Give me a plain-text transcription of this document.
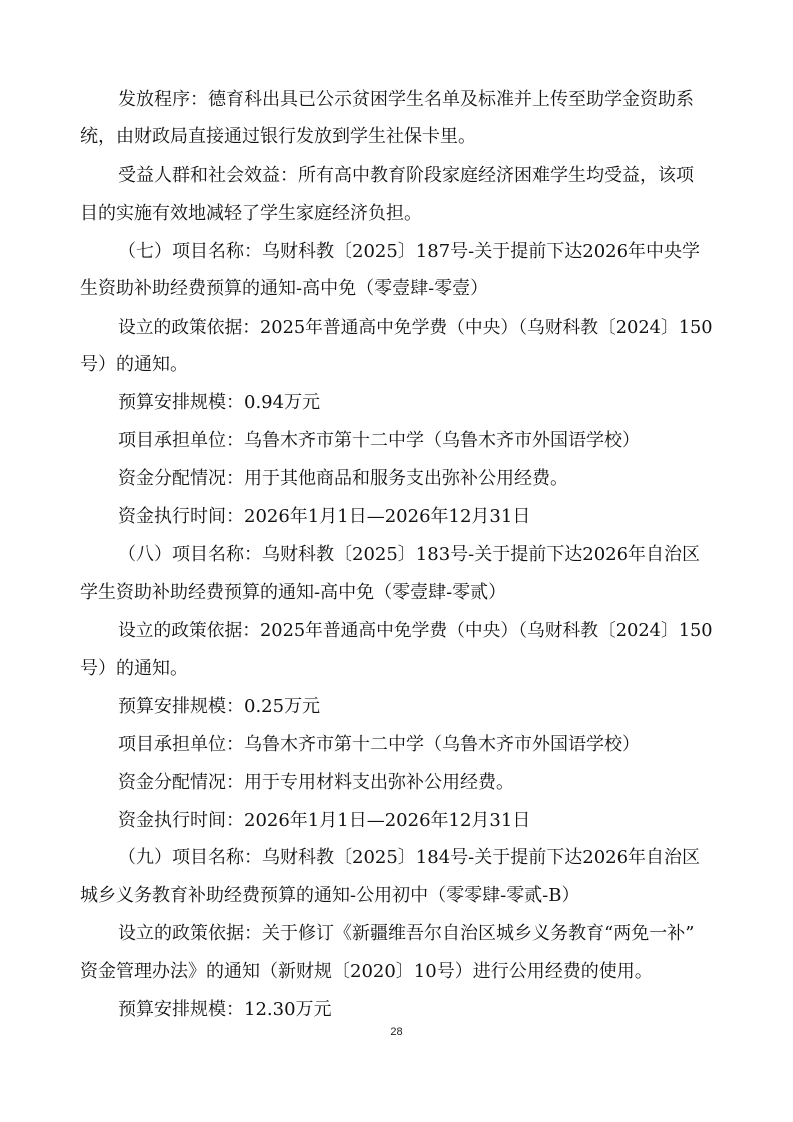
发放程序：德育科出具已公示贫困学生名单及标准并上传至助学金资助系
统，由财政局直接通过银行发放到学生社保卡里。
受益人群和社会效益：所有高中教育阶段家庭经济困难学生均受益，该项
目的实施有效地减轻了学生家庭经济负担。
（七）项目名称：乌财科教〔2025〕187号-关于提前下达2026年中央学
生资助补助经费预算的通知-高中免（零壹肆-零壹）
设立的政策依据：2025年普通高中免学费（中央）（乌财科教〔2024〕150
号）的通知。
预算安排规模：0.94万元
项目承担单位：乌鲁木齐市第十二中学（乌鲁木齐市外国语学校）
资金分配情况：用于其他商品和服务支出弥补公用经费。
资金执行时间：2026年1月1日—2026年12月31日
（八）项目名称：乌财科教〔2025〕183号-关于提前下达2026年自治区
学生资助补助经费预算的通知-高中免（零壹肆-零贰）
设立的政策依据：2025年普通高中免学费（中央）（乌财科教〔2024〕150
号）的通知。
预算安排规模：0.25万元
项目承担单位：乌鲁木齐市第十二中学（乌鲁木齐市外国语学校）
资金分配情况：用于专用材料支出弥补公用经费。
资金执行时间：2026年1月1日—2026年12月31日
（九）项目名称：乌财科教〔2025〕184号-关于提前下达2026年自治区
城乡义务教育补助经费预算的通知-公用初中（零零肆-零贰-B）
设立的政策依据：关于修订《新疆维吾尔自治区城乡义务教育“两免一补”
资金管理办法》的通知（新财规〔2020〕10号）进行公用经费的使用。
预算安排规模：12.30万元
28
